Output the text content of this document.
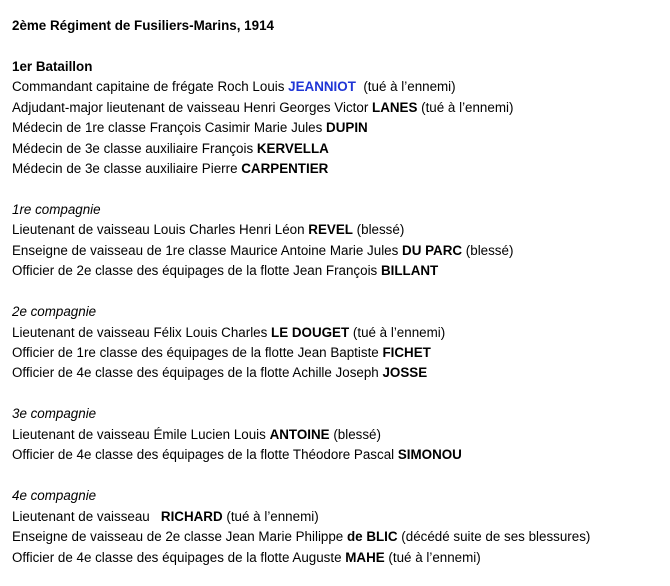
2ème Régiment de Fusiliers-Marins, 1914
1er Bataillon
Commandant capitaine de frégate Roch Louis JEANNIOT  (tué à l’ennemi)
Adjudant-major lieutenant de vaisseau Henri Georges Victor LANES (tué à l’ennemi)
Médecin de 1re classe François Casimir Marie Jules DUPIN
Médecin de 3e classe auxiliaire François KERVELLA
Médecin de 3e classe auxiliaire Pierre CARPENTIER
1re compagnie
Lieutenant de vaisseau Louis Charles Henri Léon REVEL (blessé)
Enseigne de vaisseau de 1re classe Maurice Antoine Marie Jules DU PARC (blessé)
Officier de 2e classe des équipages de la flotte Jean François BILLANT
2e compagnie
Lieutenant de vaisseau Félix Louis Charles LE DOUGET (tué à l’ennemi)
Officier de 1re classe des équipages de la flotte Jean Baptiste FICHET
Officier de 4e classe des équipages de la flotte Achille Joseph JOSSE
3e compagnie
Lieutenant de vaisseau Émile Lucien Louis ANTOINE (blessé)
Officier de 4e classe des équipages de la flotte Théodore Pascal SIMONOU
4e compagnie
Lieutenant de vaisseau   RICHARD (tué à l’ennemi)
Enseigne de vaisseau de 2e classe Jean Marie Philippe de BLIC (décédé suite de ses blessures)
Officier de 4e classe des équipages de la flotte Auguste MAHE (tué à l’ennemi)
